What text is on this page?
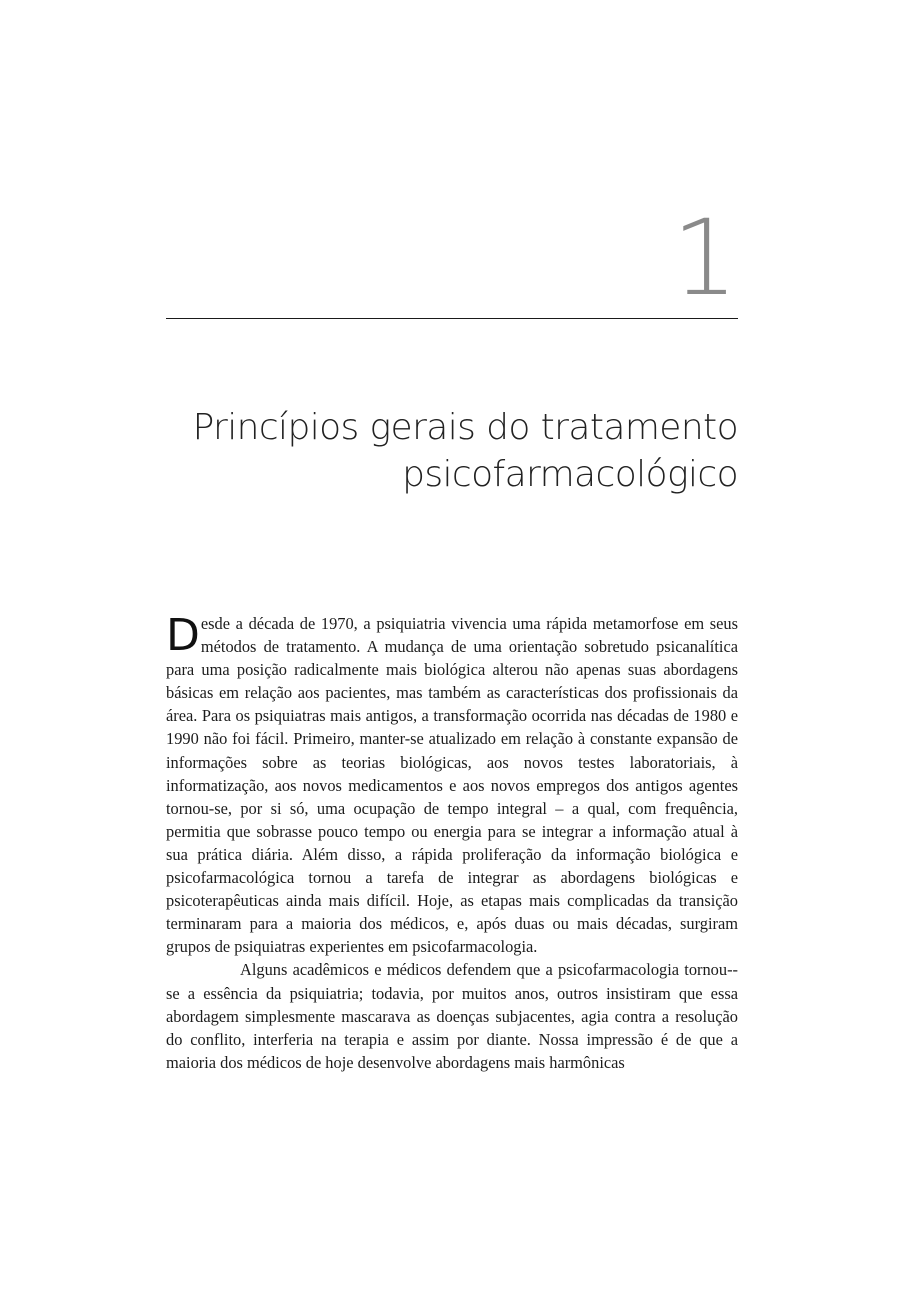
1
Princípios gerais do tratamento
psicofarmacológico

Desde a década de 1970, a psiquiatria vivencia uma rápida metamorfose em seus métodos de tratamento. A mudança de uma orientação sobretudo psicanalítica para uma posição radicalmente mais biológica alterou não apenas suas abordagens básicas em relação aos pacientes, mas também as características dos profissionais da área. Para os psiquiatras mais antigos, a transformação ocorrida nas décadas de 1980 e 1990 não foi fácil. Primeiro, manter-se atualizado em relação à constante expansão de informações sobre as teorias biológicas, aos novos testes laboratoriais, à informatização, aos novos medicamentos e aos novos empregos dos antigos agentes tornou-se, por si só, uma ocupação de tempo integral – a qual, com frequência, permitia que sobrasse pouco tempo ou energia para se integrar a informação atual à sua prática diária. Além disso, a rápida proliferação da informação biológica e psicofarmacológica tornou a tarefa de integrar as abordagens biológicas e psicoterapêuticas ainda mais difícil. Hoje, as etapas mais complicadas da transição terminaram para a maioria dos médicos, e, após duas ou mais décadas, surgiram grupos de psiquiatras experientes em psicofarmacologia.

Alguns acadêmicos e médicos defendem que a psicofarmacologia tornou--se a essência da psiquiatria; todavia, por muitos anos, outros insistiram que essa abordagem simplesmente mascarava as doenças subjacentes, agia contra a resolução do conflito, interferia na terapia e assim por diante. Nossa impressão é de que a maioria dos médicos de hoje desenvolve abordagens mais harmônicas
